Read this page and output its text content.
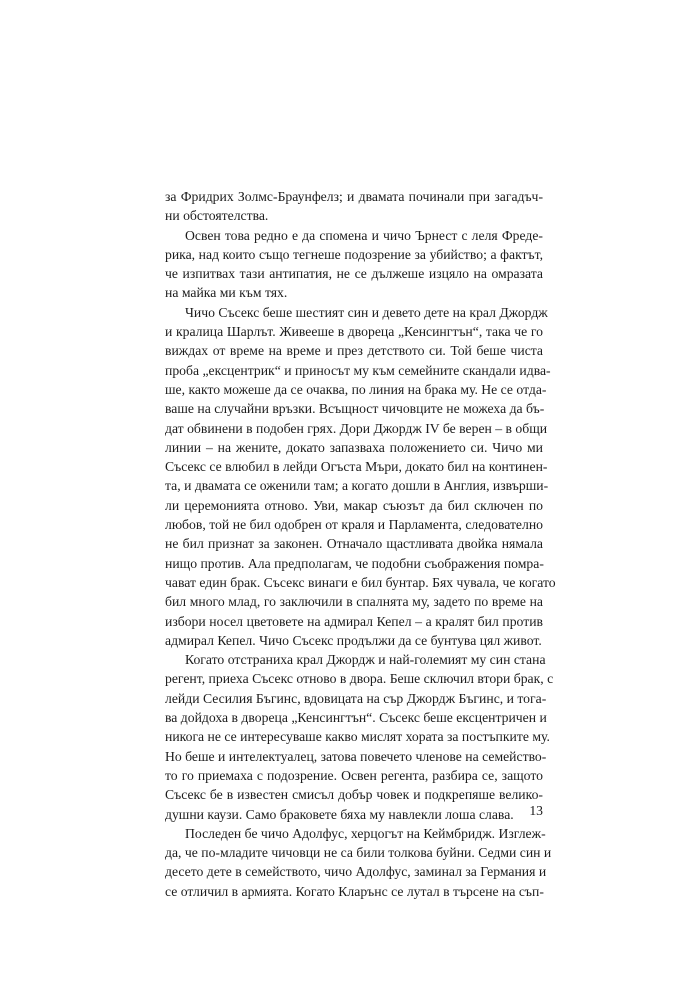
за Фридрих Золмс-Браунфелз; и двамата починали при загадъч-
ни обстоятелства.
Освен това редно е да спомена и чичо Ърнест с леля Фреде-
рика, над които също тегнеше подозрение за убийство; а фактът,
че изпитвах тази антипатия, не се дължеше изцяло на омразата
на майка ми към тях.
Чичо Съсекс беше шестият син и девето дете на крал Джордж
и кралица Шарлът. Живееше в двореца „Кенсингтън“, така че го
виждах от време на време и през детството си. Той беше чиста
проба „ексцентрик“ и приносът му към семейните скандали идва-
ше, както можеше да се очаква, по линия на брака му. Не се отда-
ваше на случайни връзки. Всъщност чичовците не можеха да бъ-
дат обвинени в подобен грях. Дори Джордж IV бе верен – в общи
линии – на жените, докато запазваха положението си. Чичо ми
Съсекс се влюбил в лейди Огъста Мъри, докато бил на континен-
та, и двамата се оженили там; а когато дошли в Англия, извърши-
ли церемонията отново. Уви, макар съюзът да бил сключен по
любов, той не бил одобрен от краля и Парламента, следователно
не бил признат за законен. Отначало щастливата двойка нямала
нищо против. Ала предполагам, че подобни съображения помра-
чават един брак. Съсекс винаги е бил бунтар. Бях чувала, че когато
бил много млад, го заключили в спалнята му, задето по време на
избори носел цветовете на адмирал Кепел – а кралят бил против
адмирал Кепел. Чичо Съсекс продължи да се бунтува цял живот.
Когато отстраниха крал Джордж и най-големият му син стана
регент, приеха Съсекс отново в двора. Беше сключил втори брак, с
лейди Сесилия Бъгинс, вдовицата на сър Джордж Бъгинс, и тога-
ва дойдоха в двореца „Кенсингтън“. Съсекс беше ексцентричен и
никога не се интересуваше какво мислят хората за постъпките му.
Но беше и интелектуалец, затова повечето членове на семейство-
то го приемаха с подозрение. Освен регента, разбира се, защото
Съсекс бе в известен смисъл добър човек и подкрепяше велико-
душни каузи. Само браковете бяха му навлекли лоша слава.
Последен бе чичо Адолфус, херцогът на Кеймбридж. Изглеж-
да, че по-младите чичовци не са били толкова буйни. Седми син и
десето дете в семейството, чичо Адолфус, заминал за Германия и
се отличил в армията. Когато Кларънс се лутал в търсене на съп-
13
